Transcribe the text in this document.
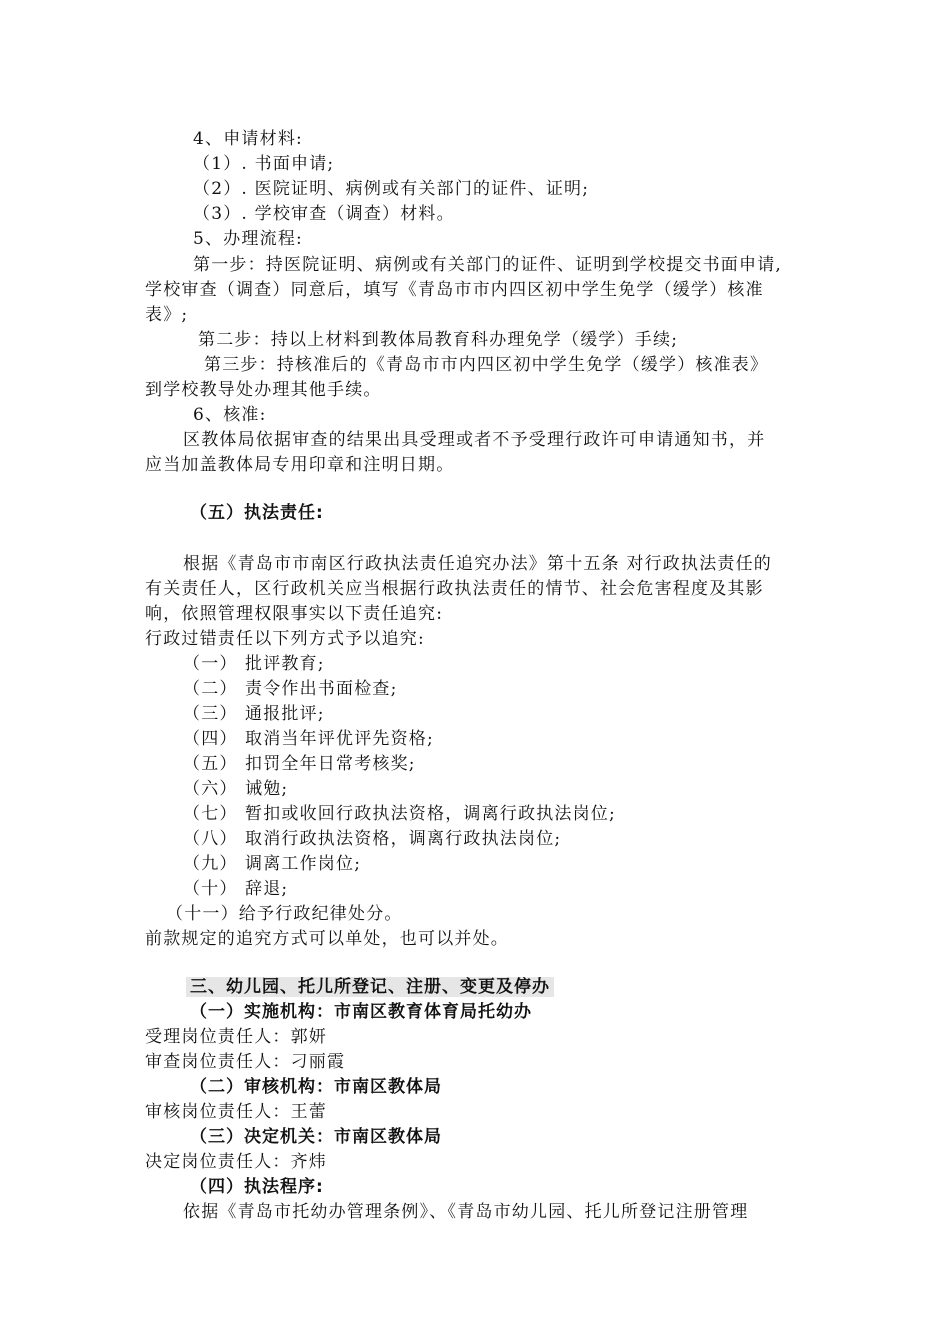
4、申请材料:
（1）. 书面申请;
（2）. 医院证明、病例或有关部门的证件、证明;
（3）. 学校审查（调查）材料。
5、办理流程:
第一步：持医院证明、病例或有关部门的证件、证明到学校提交书面申请,
学校审查（调查）同意后，填写《青岛市市内四区初中学生免学（缓学）核准
表》;
第二步：持以上材料到教体局教育科办理免学（缓学）手续;
第三步：持核准后的《青岛市市内四区初中学生免学（缓学）核准表》
到学校教导处办理其他手续。
6、核准:
区教体局依据审查的结果出具受理或者不予受理行政许可申请通知书，并
应当加盖教体局专用印章和注明日期。
（五）执法责任:
根据《青岛市市南区行政执法责任追究办法》第十五条 对行政执法责任的
有关责任人，区行政机关应当根据行政执法责任的情节、社会危害程度及其影
响，依照管理权限事实以下责任追究:
行政过错责任以下列方式予以追究:
（一） 批评教育;
（二） 责令作出书面检查;
（三） 通报批评;
（四） 取消当年评优评先资格;
（五） 扣罚全年日常考核奖;
（六） 诫勉;
（七） 暂扣或收回行政执法资格，调离行政执法岗位;
（八） 取消行政执法资格，调离行政执法岗位;
（九） 调离工作岗位;
（十） 辞退;
（十一）给予行政纪律处分。
前款规定的追究方式可以单处，也可以并处。
三、幼儿园、托儿所登记、注册、变更及停办
（一）实施机构：市南区教育体育局托幼办
受理岗位责任人：郭妍
审查岗位责任人：刁丽霞
（二）审核机构：市南区教体局
审核岗位责任人：王蕾
（三）决定机关：市南区教体局
决定岗位责任人：齐炜
（四）执法程序:
依据《青岛市托幼办管理条例》、《青岛市幼儿园、托儿所登记注册管理
